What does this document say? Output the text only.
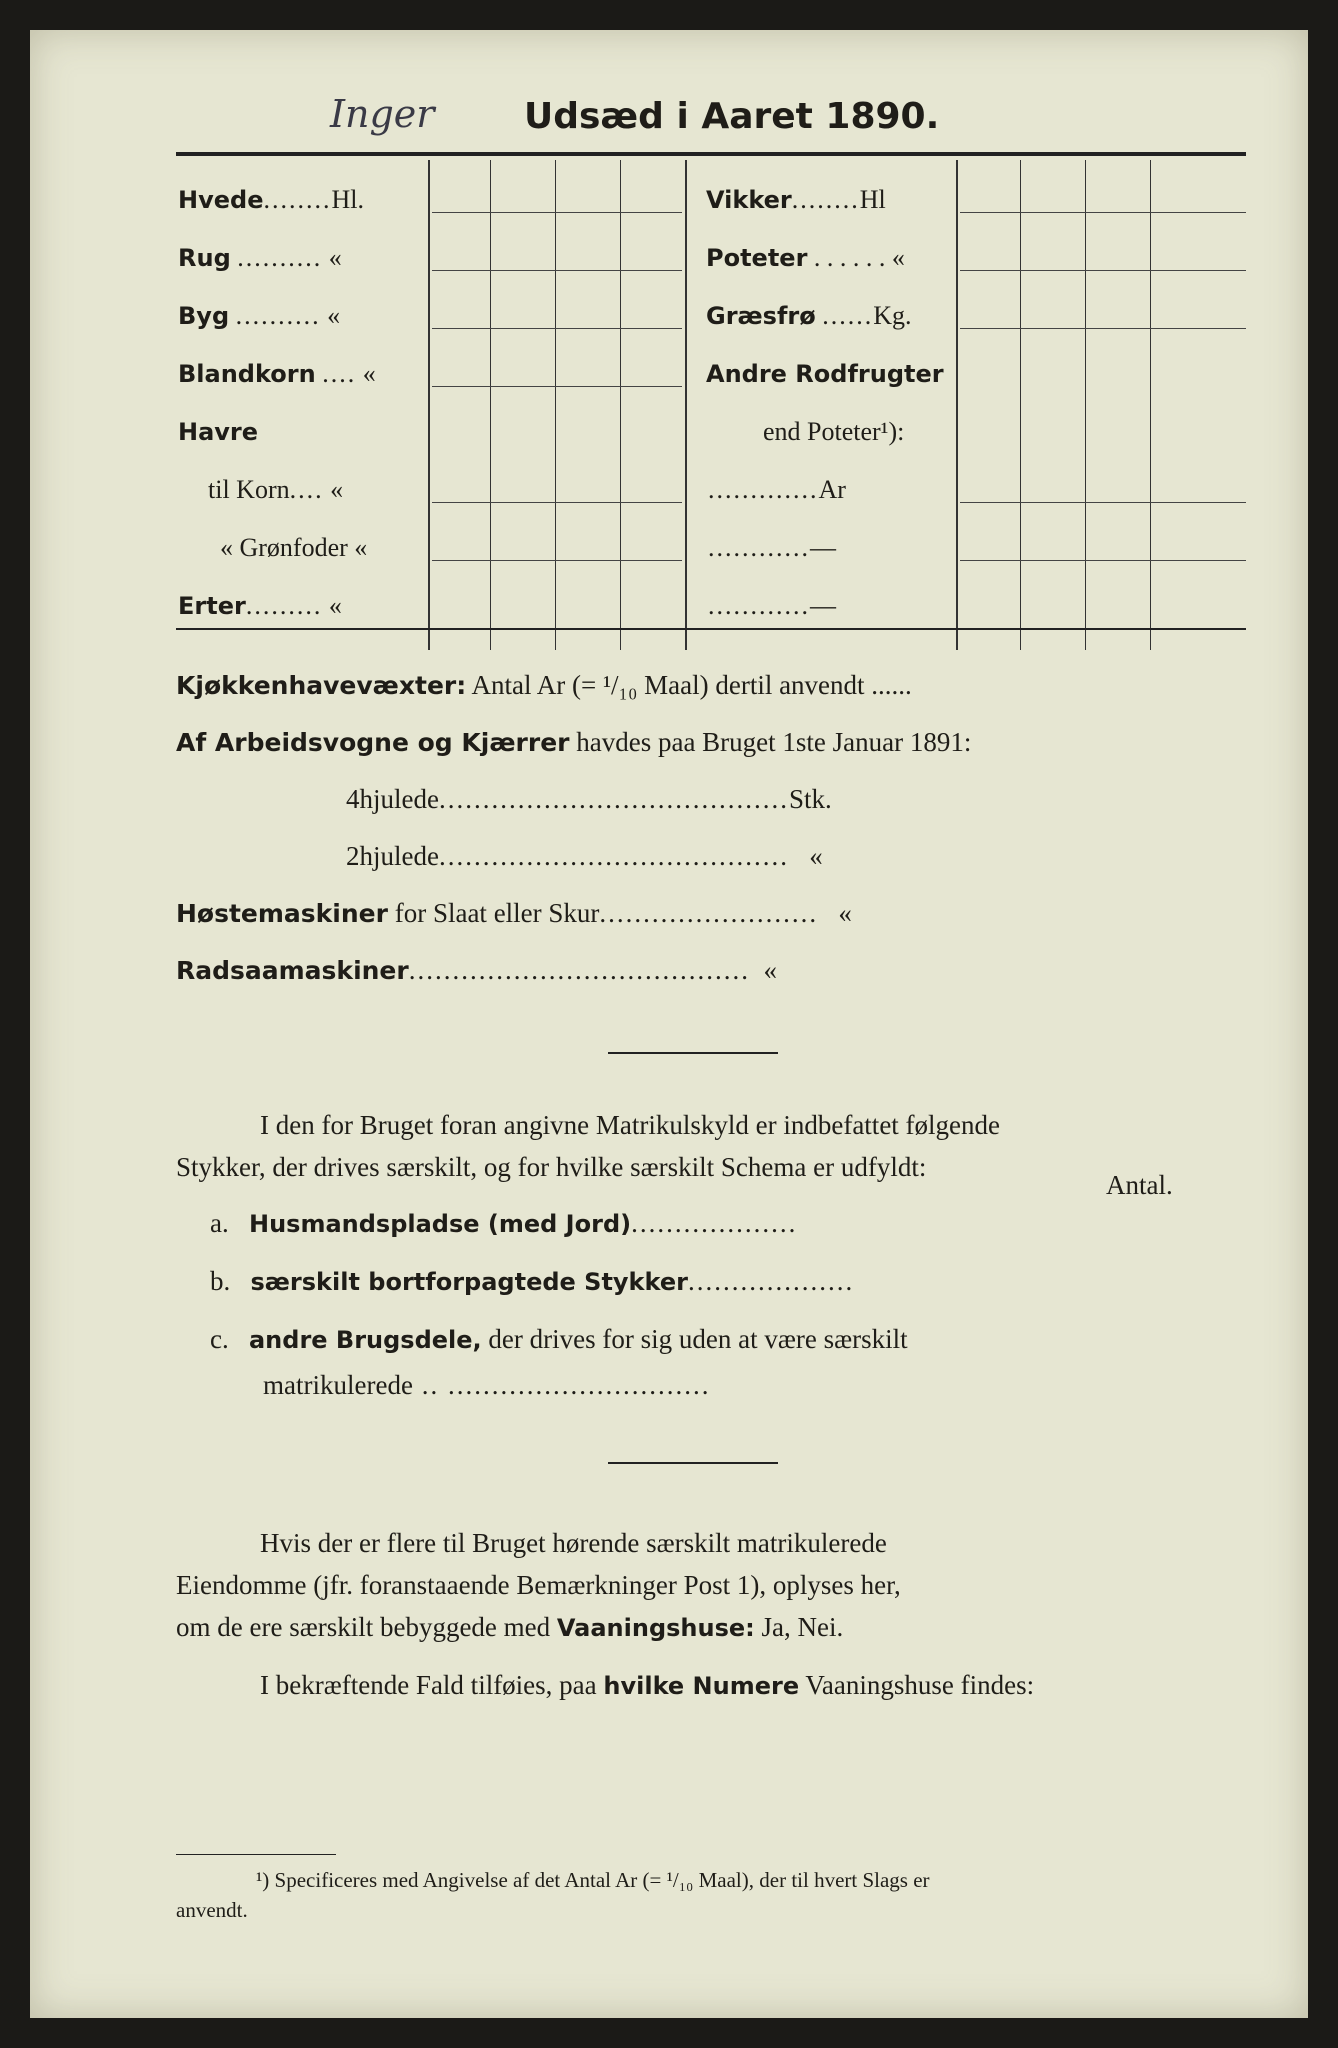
Inger Udsæd i Aaret 1890.
Hvede........Hl.
Rug .......... «
Byg .......... «
Blandkorn .... «
Havre
til Korn.... «
« Grønfoder «
Erter......... «
Vikker........Hl
Poteter . . . . . . «
Græsfrø ......Kg.
Andre Rodfrugter
end Poteter¹):
.............Ar
............—
............—
Kjøkkenhavevæxter: Antal Ar (= ¹/₁₀ Maal) dertil anvendt ......
Af Arbeidsvogne og Kjærrer havdes paa Bruget 1ste Januar 1891:
4hjulede........................................Stk.
2hjulede........................................ «
Høstemaskiner for Slaat eller Skur......................... «
Radsaamaskiner....................................... «
I den for Bruget foran angivne Matrikulskyld er indbefattet følgende
Stykker, der drives særskilt, og for hvilke særskilt Schema er udfyldt:
Antal.
a. Husmandspladse (med Jord)...................
b. særskilt bortforpagtede Stykker...................
c. andre Brugsdele, der drives for sig uden at være særskilt
matrikulerede .. ..............................
Hvis der er flere til Bruget hørende særskilt matrikulerede
Eiendomme (jfr. foranstaaende Bemærkninger Post 1), oplyses her,
om de ere særskilt bebyggede med Vaaningshuse: Ja, Nei.
I bekræftende Fald tilføies, paa hvilke Numere Vaaningshuse findes:
¹) Specificeres med Angivelse af det Antal Ar (= ¹/₁₀ Maal), der til hvert Slags er
anvendt.
